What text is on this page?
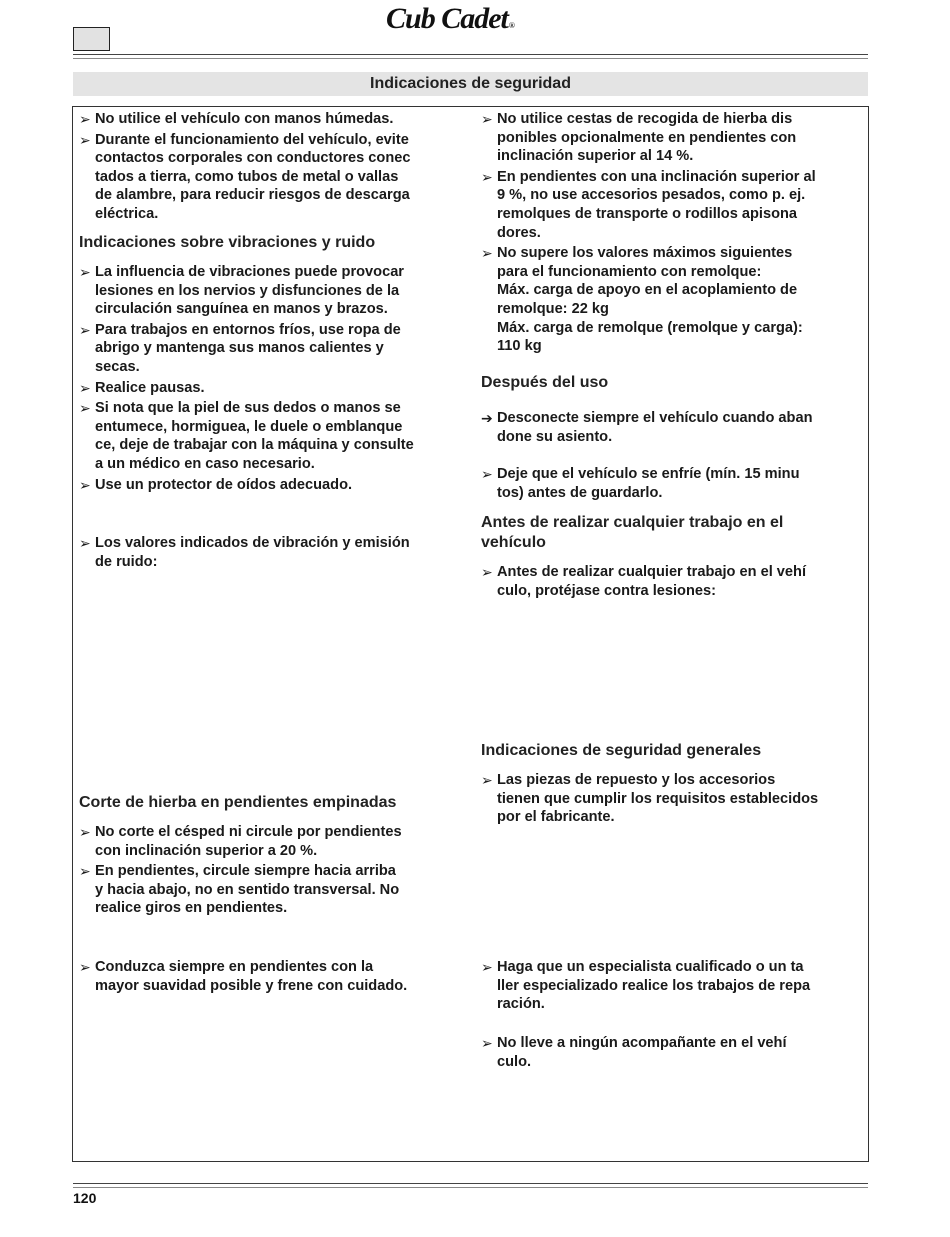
Cub Cadet®
Indicaciones de seguridad
➢ No utilice el vehículo con manos húmedas.
➢ Durante el funcionamiento del vehículo, evite
contactos corporales con conductores conec
tados a tierra, como tubos de metal o vallas
de alambre, para reducir riesgos de descarga
eléctrica.
Indicaciones sobre vibraciones y ruido
➢ La influencia de vibraciones puede provocar
lesiones en los nervios y disfunciones de la
circulación sanguínea en manos y brazos.
➢ Para trabajos en entornos fríos, use ropa de
abrigo y mantenga sus manos calientes y
secas.
➢ Realice pausas.
➢ Si nota que la piel de sus dedos o manos se
entumece, hormiguea, le duele o emblanque
ce, deje de trabajar con la máquina y consulte
a un médico en caso necesario.
➢ Use un protector de oídos adecuado.
➢ Los valores indicados de vibración y emisión
de ruido:
Corte de hierba en pendientes empinadas
➢ No corte el césped ni circule por pendientes
con inclinación superior a 20 %.
➢ En pendientes, circule siempre hacia arriba
y hacia abajo, no en sentido transversal. No
realice giros en pendientes.
➢ Conduzca siempre en pendientes con la
mayor suavidad posible y frene con cuidado.
➢ No utilice cestas de recogida de hierba dis
ponibles opcionalmente en pendientes con
inclinación superior al 14 %.
➢ En pendientes con una inclinación superior al
9 %, no use accesorios pesados, como p. ej.
remolques de transporte o rodillos apisona
dores.
➢ No supere los valores máximos siguientes
para el funcionamiento con remolque:
Máx. carga de apoyo en el acoplamiento de
remolque: 22 kg
Máx. carga de remolque (remolque y carga):
110 kg
Después del uso
➔ Desconecte siempre el vehículo cuando aban
done su asiento.
➢ Deje que el vehículo se enfríe (mín. 15 minu
tos) antes de guardarlo.
Antes de realizar cualquier trabajo en el
vehículo
➢ Antes de realizar cualquier trabajo en el vehí
culo, protéjase contra lesiones:
Indicaciones de seguridad generales
➢ Las piezas de repuesto y los accesorios
tienen que cumplir los requisitos establecidos
por el fabricante.
➢ Haga que un especialista cualificado o un ta
ller especializado realice los trabajos de repa
ración.
➢ No lleve a ningún acompañante en el vehí
culo.
120
